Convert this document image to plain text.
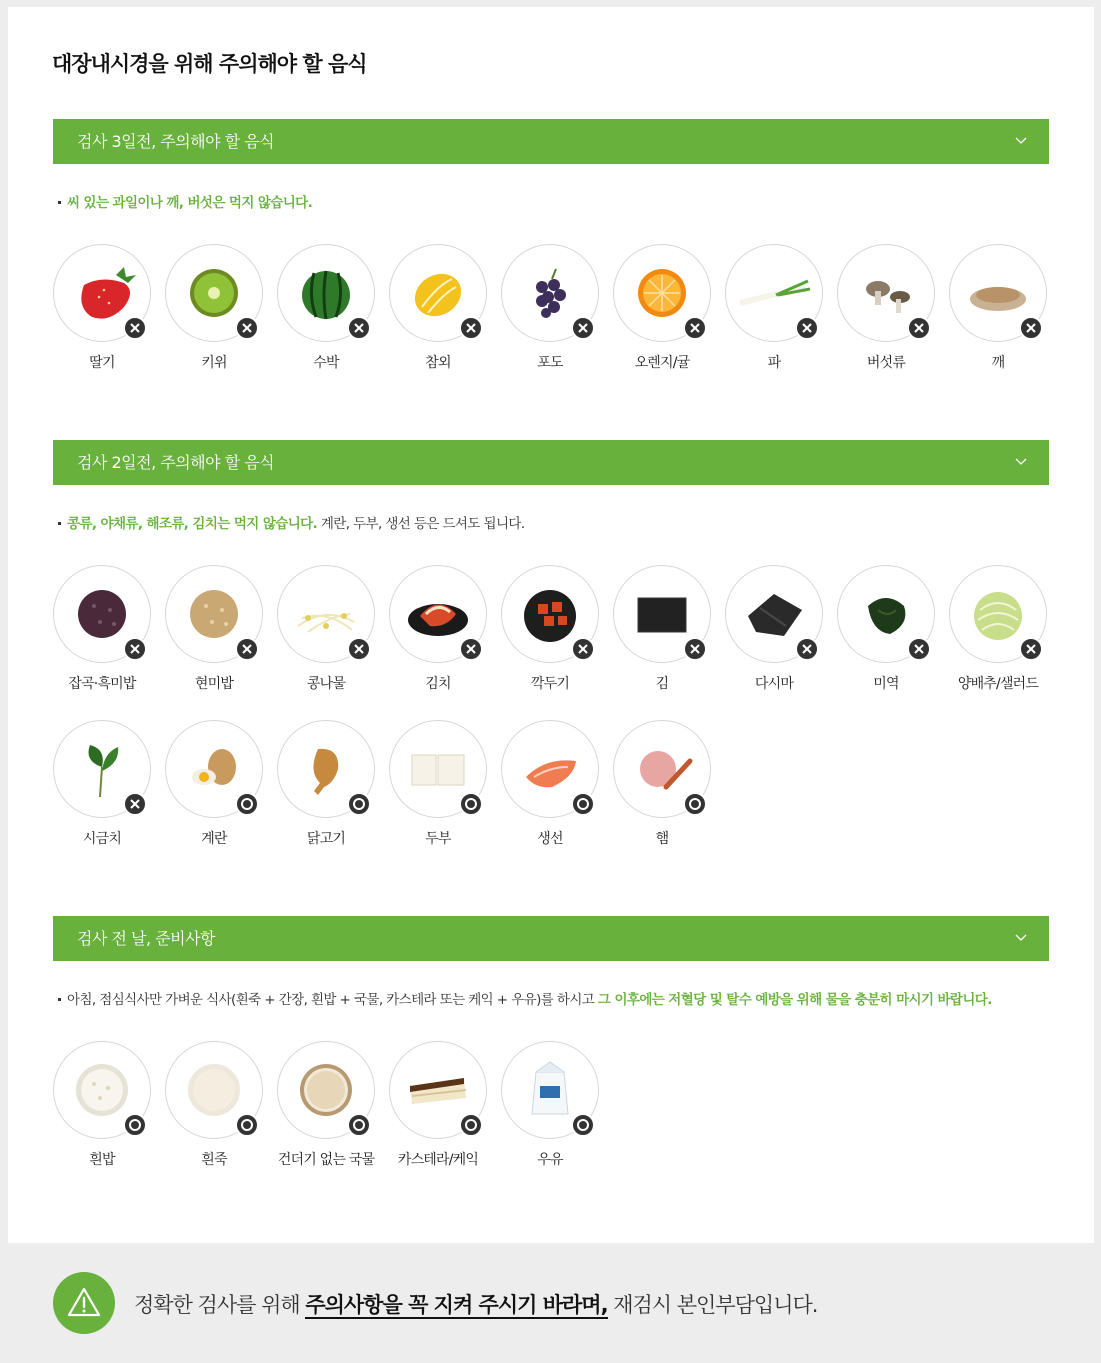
대장내시경을 위해 주의해야 할 음식
검사 3일전, 주의해야 할 음식
씨 있는 과일이나 깨, 버섯은 먹지 않습니다.
딸기	키위	수박	참외	포도	오렌지/귤	파	버섯류	깨
검사 2일전, 주의해야 할 음식
콩류, 야채류, 해조류, 김치는 먹지 않습니다. 계란, 두부, 생선 등은 드셔도 됩니다.
잡곡·흑미밥	현미밥	콩나물	김치	깍두기	김	다시마	미역	양배추/샐러드
시금치	계란	닭고기	두부	생선	햄
검사 전 날, 준비사항
아침, 점심식사만 가벼운 식사(흰죽 + 간장, 흰밥 + 국물, 카스테라 또는 케익 + 우유)를 하시고 그 이후에는 저혈당 및 탈수 예방을 위해 물을 충분히 마시기 바랍니다.
흰밥	흰죽	건더기 없는 국물	카스테라/케익	우유
정확한 검사를 위해 주의사항을 꼭 지켜 주시기 바라며, 재검시 본인부담입니다.
